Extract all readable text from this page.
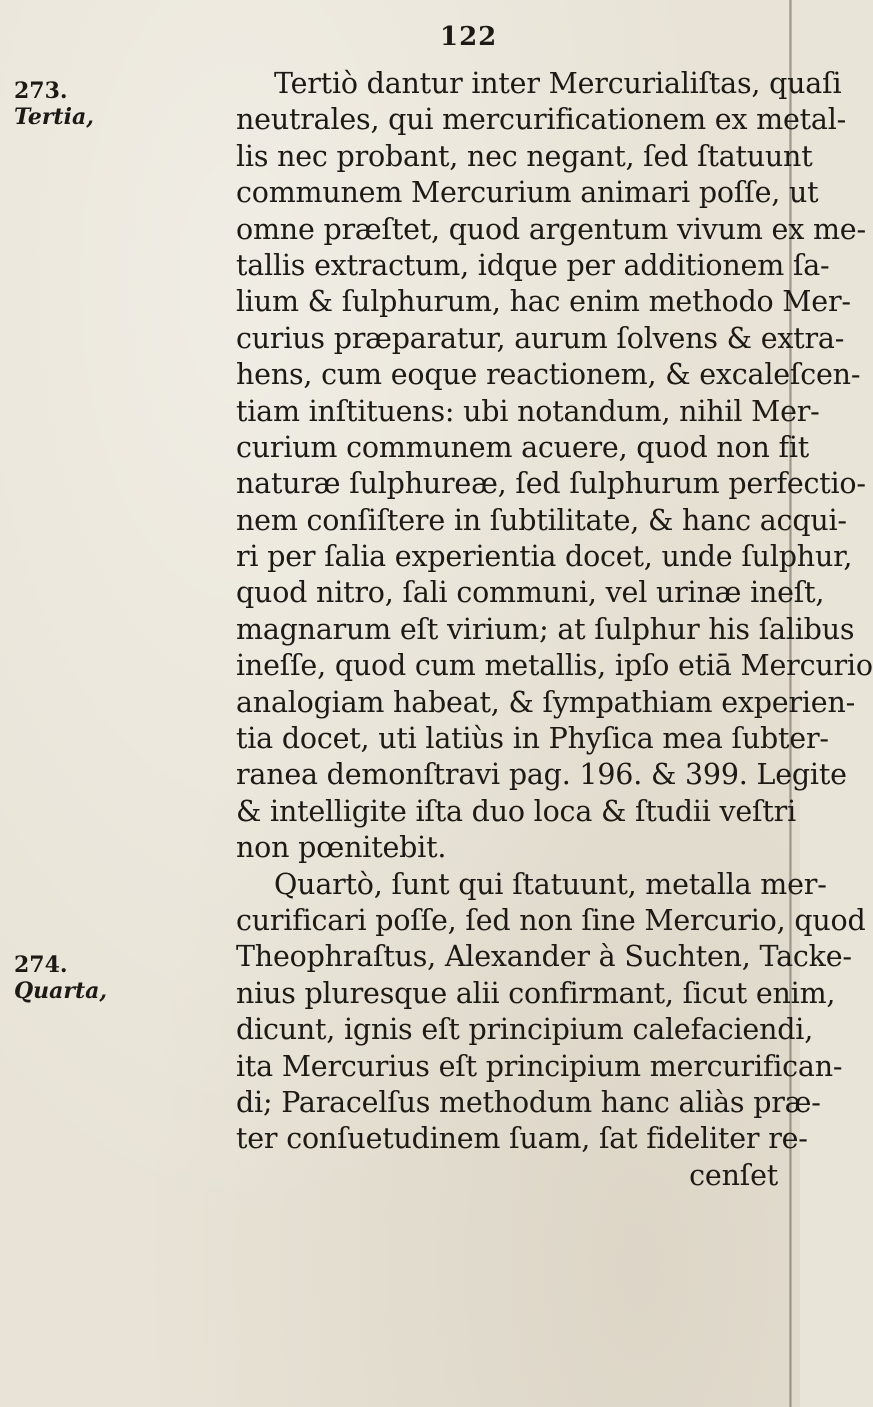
122
273.
Tertia,
274.
Quarta,
Tertiò dantur inter Mercurialiſtas, quaſi
neutrales, qui mercurificationem ex metal-
lis nec probant, nec negant, ſed ſtatuunt
communem Mercurium animari poſſe, ut
omne præſtet, quod argentum vivum ex me-
tallis extractum, idque per additionem ſa-
lium & ſulphurum, hac enim methodo Mer-
curius præparatur, aurum ſolvens & extra-
hens, cum eoque reactionem, & excaleſcen-
tiam inſtituens: ubi notandum, nihil Mer-
curium communem acuere, quod non fit
naturæ ſulphureæ, ſed ſulphurum perfectio-
nem conſiſtere in ſubtilitate, & hanc acqui-
ri per ſalia experientia docet, unde ſulphur,
quod nitro, ſali communi, vel urinæ ineſt,
magnarum eſt virium; at ſulphur his ſalibus
ineſſe, quod cum metallis, ipſo etiā Mercurio
analogiam habeat, & ſympathiam experien-
tia docet, uti latiùs in Phyſica mea ſubter-
ranea demonſtravi pag. 196. & 399. Legite
& intelligite iſta duo loca & ſtudii veſtri
non pœnitebit.
Quartò, ſunt qui ſtatuunt, metalla mer-
curificari poſſe, ſed non ſine Mercurio, quod
Theophraſtus, Alexander à Suchten, Tacke-
nius pluresque alii confirmant, ſicut enim,
dicunt, ignis eſt principium calefaciendi,
ita Mercurius eſt principium mercurifican-
di; Paracelſus methodum hanc aliàs præ-
ter conſuetudinem ſuam, ſat fideliter re-
cenſet
